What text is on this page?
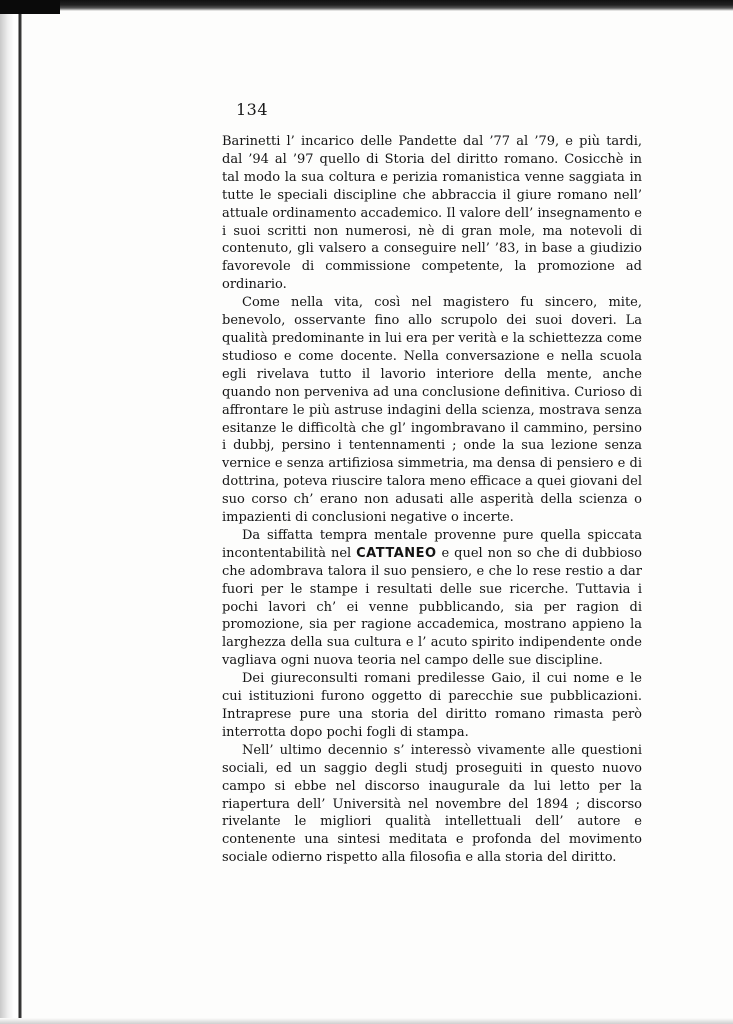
134

Barinetti l’ incarico delle Pandette dal ’77 al ’79, e più tardi, dal ’94 al ’97 quello di Storia del diritto romano. Cosicchè in tal modo la sua coltura e perizia romanistica venne saggiata in tutte le speciali discipline che abbraccia il giure romano nell’ attuale ordinamento accademico. Il valore dell’ insegnamento e i suoi scritti non numerosi, nè di gran mole, ma notevoli di contenuto, gli valsero a conseguire nell’ ’83, in base a giudizio favorevole di commissione competente, la promozione ad ordinario.

Come nella vita, così nel magistero fu sincero, mite, benevolo, osservante fino allo scrupolo dei suoi doveri. La qualità predominante in lui era per verità e la schiettezza come studioso e come docente. Nella conversazione e nella scuola egli rivelava tutto il lavorio interiore della mente, anche quando non perveniva ad una conclusione definitiva. Curioso di affrontare le più astruse indagini della scienza, mostrava senza esitanze le difficoltà che gl’ ingombravano il cammino, persino i dubbj, persino i tentennamenti ; onde la sua lezione senza vernice e senza artifiziosa simmetria, ma densa di pensiero e di dottrina, poteva riuscire talora meno efficace a quei giovani del suo corso ch’ erano non adusati alle asperità della scienza o impazienti di conclusioni negative o incerte.

Da siffatta tempra mentale provenne pure quella spiccata incontentabilità nel CATTANEO e quel non so che di dubbioso che adombrava talora il suo pensiero, e che lo rese restio a dar fuori per le stampe i resultati delle sue ricerche. Tuttavia i pochi lavori ch’ ei venne pubblicando, sia per ragion di promozione, sia per ragione accademica, mostrano appieno la larghezza della sua cultura e l’ acuto spirito indipendente onde vagliava ogni nuova teoria nel campo delle sue discipline.

Dei giureconsulti romani predilesse Gaio, il cui nome e le cui istituzioni furono oggetto di parecchie sue pubblicazioni. Intraprese pure una storia del diritto romano rimasta però interrotta dopo pochi fogli di stampa.

Nell’ ultimo decennio s’ interessò vivamente alle questioni sociali, ed un saggio degli studj proseguiti in questo nuovo campo si ebbe nel discorso inaugurale da lui letto per la riapertura dell’ Università nel novembre del 1894 ; discorso rivelante le migliori qualità intellettuali dell’ autore e contenente una sintesi meditata e profonda del movimento sociale odierno rispetto alla filosofia e alla storia del diritto.
